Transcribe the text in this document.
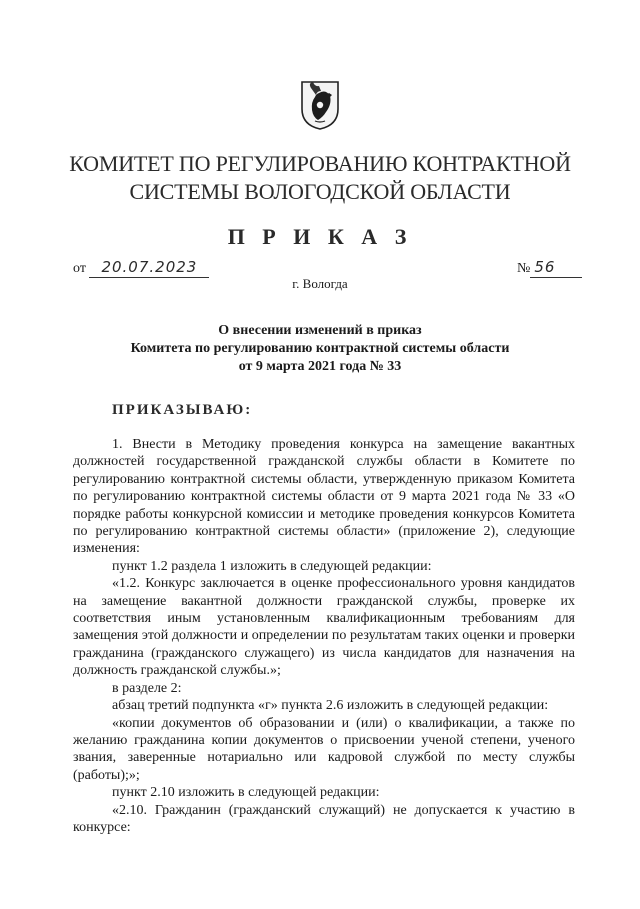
КОМИТЕТ ПО РЕГУЛИРОВАНИЮ КОНТРАКТНОЙ
СИСТЕМЫ ВОЛОГОДСКОЙ ОБЛАСТИ
П Р И К А З
от 20.07.2023	№ 56
г. Вологда
О внесении изменений в приказ
Комитета по регулированию контрактной системы области
от 9 марта 2021 года № 33
ПРИКАЗЫВАЮ:

1. Внести в Методику проведения конкурса на замещение вакантных должностей государственной гражданской службы области в Комитете по регулированию контрактной системы области, утвержденную приказом Комитета по регулированию контрактной системы области от 9 марта 2021 года № 33 «О порядке работы конкурсной комиссии и методике проведения конкурсов Комитета по регулированию контрактной системы области» (приложение 2), следующие изменения:

пункт 1.2 раздела 1 изложить в следующей редакции:

«1.2. Конкурс заключается в оценке профессионального уровня кандидатов на замещение вакантной должности гражданской службы, проверке их соответствия иным установленным квалификационным требованиям для замещения этой должности и определении по результатам таких оценки и проверки гражданина (гражданского служащего) из числа кандидатов для назначения на должность гражданской службы.»;

в разделе 2:

абзац третий подпункта «г» пункта 2.6 изложить в следующей редакции:

«копии документов об образовании и (или) о квалификации, а также по желанию гражданина копии документов о присвоении ученой степени, ученого звания, заверенные нотариально или кадровой службой по месту службы (работы);»;

пункт 2.10 изложить в следующей редакции:

«2.10. Гражданин (гражданский служащий) не допускается к участию в конкурсе:
